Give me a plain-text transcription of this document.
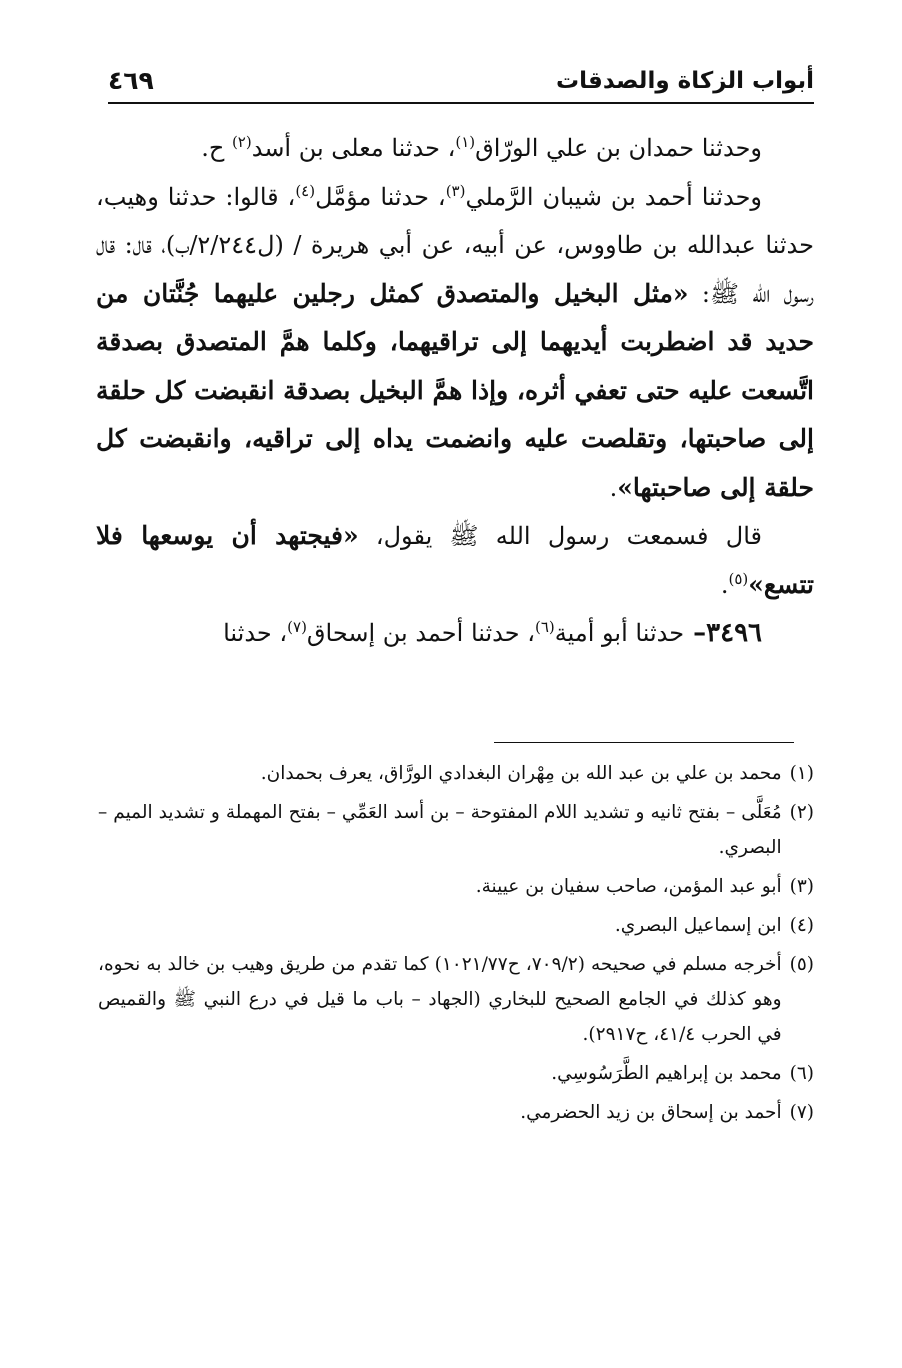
أبواب الزكاة والصدقات
٤٦٩

وحدثنا حمدان بن علي الورّاق$^{(١)}$، حدثنا معلى بن أسد$^{(٢)}$ ح.

وحدثنا أحمد بن شيبان الرَّملي$^{(٣)}$، حدثنا مؤمَّل$^{(٤)}$، قالوا: حدثنا وهيب، حدثنا عبدالله بن طاووس، عن أبيه، عن أبي هريرة / (ل٢/٢٤٤/ب)، قال: قال رسول الله ﷺ: «مثل البخيل والمتصدق كمثل رجلين عليهما جُنَّتان من حديد قد اضطربت أيديهما إلى تراقيهما، وكلما همَّ المتصدق بصدقة اتَّسعت عليه حتى تعفي أثره، وإذا همَّ البخيل بصدقة انقبضت كل حلقة إلى صاحبتها، وتقلصت عليه وانضمت يداه إلى تراقيه، وانقبضت كل حلقة إلى صاحبتها».

قال فسمعت رسول الله ﷺ يقول، «فيجتهد أن يوسعها فلا تتسع»$^{(٥)}$.

٣٤٩٦– حدثنا أبو أمية$^{(٦)}$، حدثنا أحمد بن إسحاق$^{(٧)}$، حدثنا

(١)
محمد بن علي بن عبد الله بن مِهْران البغدادي الورَّاق، يعرف بحمدان.
(٢)
مُعَلَّى – بفتح ثانيه و تشديد اللام المفتوحة – بن أسد العَمِّي – بفتح المهملة و تشديد الميم – البصري.
(٣)
أبو عبد المؤمن، صاحب سفيان بن عيينة.
(٤)
ابن إسماعيل البصري.
(٥)
أخرجه مسلم في صحيحه (٧٠٩/٢، ح١٠٢١/٧٧) كما تقدم من طريق وهيب بن خالد به نحوه، وهو كذلك في الجامع الصحيح للبخاري (الجهاد – باب ما قيل في درع النبي ﷺ والقميص في الحرب ٤١/٤، ح٢٩١٧).
(٦)
محمد بن إبراهيم الطَّرَسُوسِي.
(٧)
أحمد بن إسحاق بن زيد الحضرمي.
